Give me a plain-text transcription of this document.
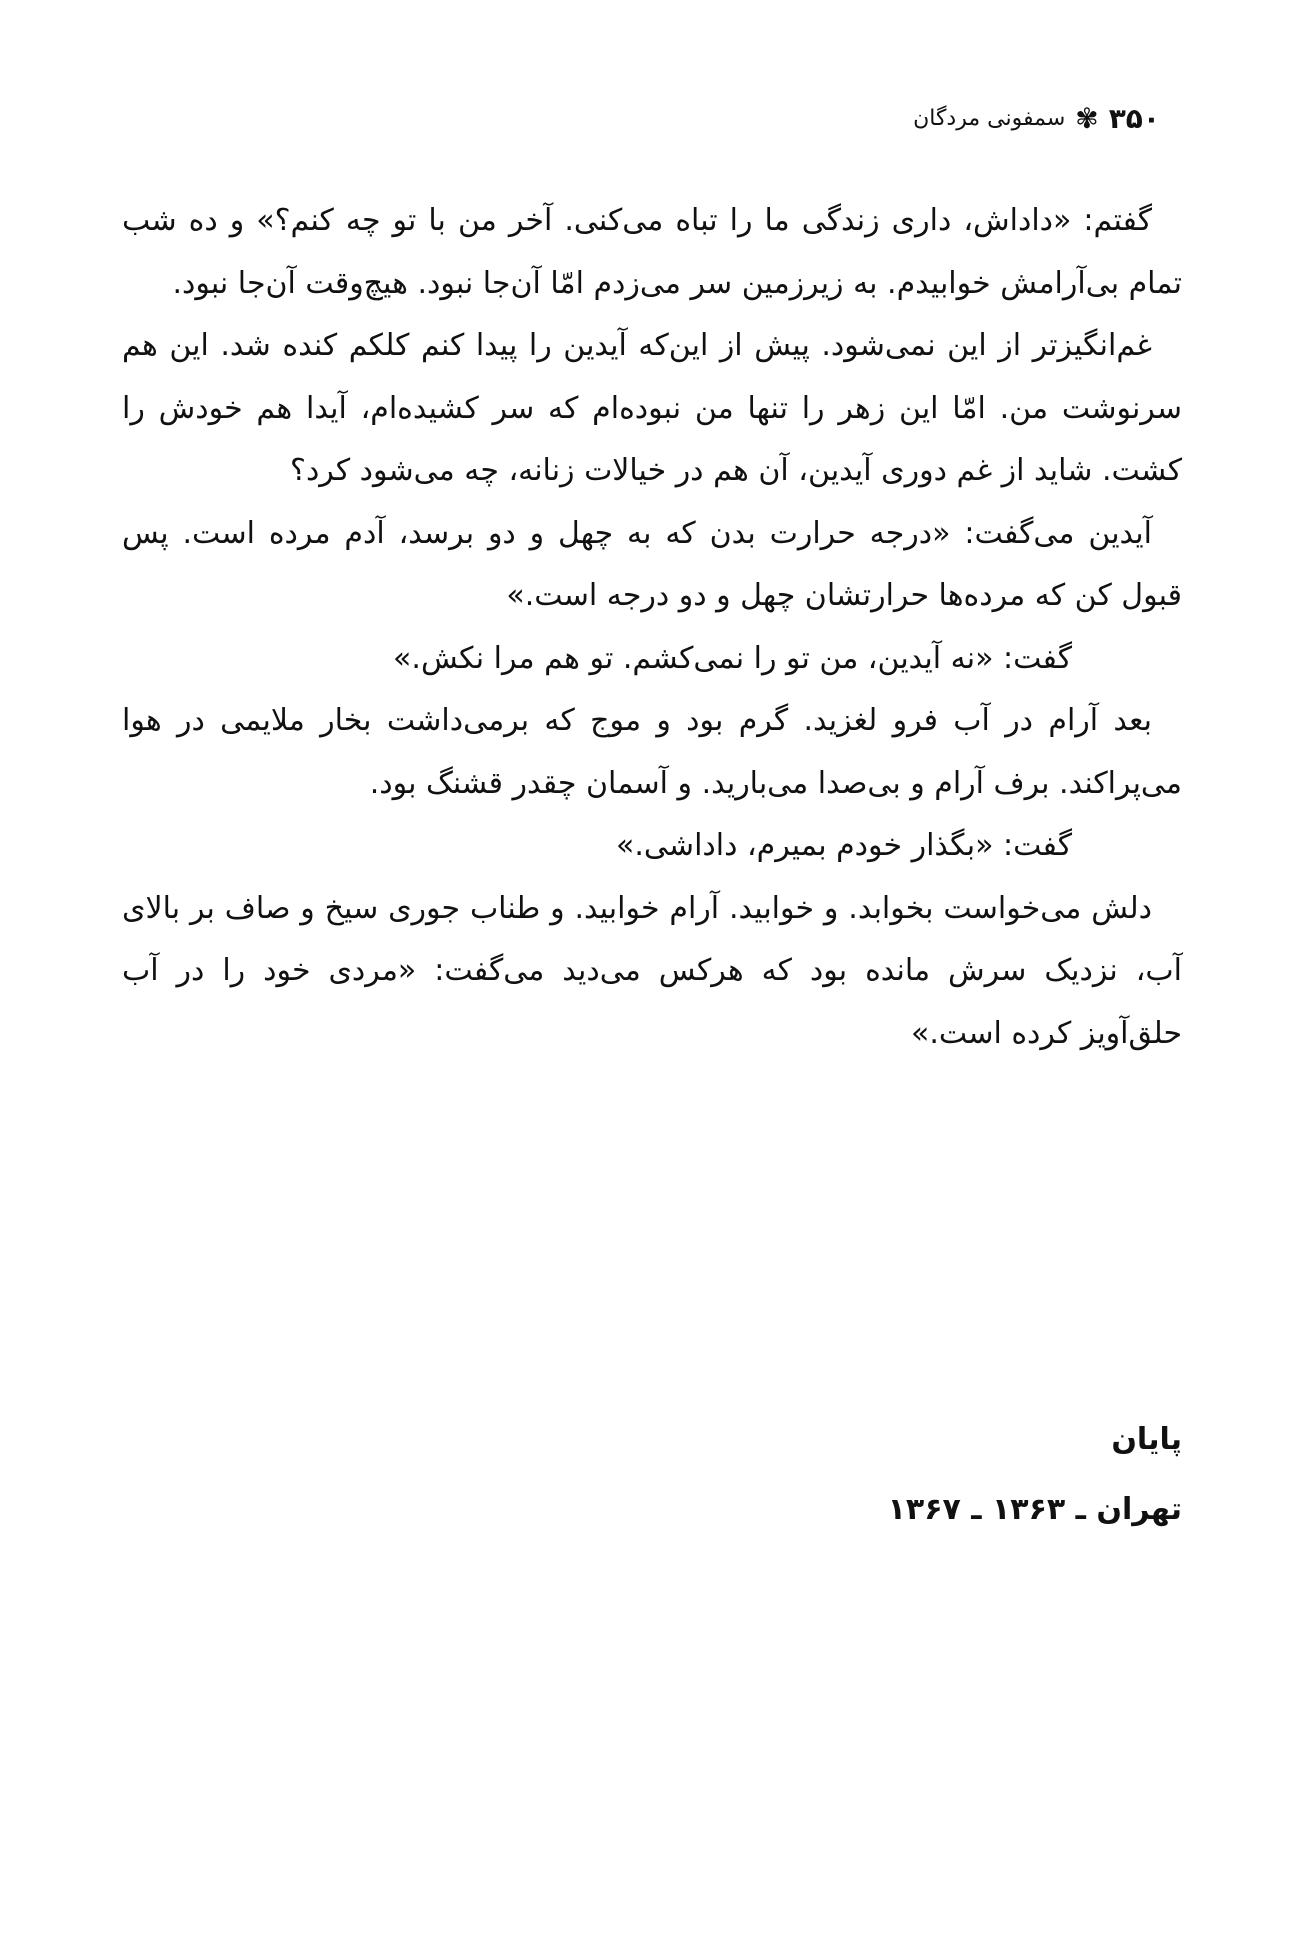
۳۵۰
✾
سمفونی مردگان

گفتم: «داداش، داری زندگی ما را تباه می‌کنی. آخر من با تو چه کنم؟» و ده شب تمام بی‌آرامش خوابیدم. به زیرزمین سر می‌زدم امّا آن‌جا نبود. هیچ‌وقت آن‌جا نبود.

غم‌انگیزتر از این نمی‌شود. پیش از این‌که آیدین را پیدا کنم کلکم کنده شد. این هم سرنوشت من. امّا این زهر را تنها من نبوده‌ام که سر کشیده‌ام، آیدا هم خودش را کشت. شاید از غم دوری آیدین، آن هم در خیالات زنانه، چه می‌شود کرد؟

آیدین می‌گفت: «درجه حرارت بدن که به چهل و دو برسد، آدم مرده است. پس قبول کن که مرده‌ها حرارتشان چهل و دو درجه است.»

گفت: «نه آیدین، من تو را نمی‌کشم. تو هم مرا نکش.»

بعد آرام در آب فرو لغزید. گرم بود و موج که برمی‌داشت بخار ملایمی در هوا می‌پراکند. برف آرام و بی‌صدا می‌بارید. و آسمان چقدر قشنگ بود.

گفت: «بگذار خودم بمیرم، داداشی.»

دلش می‌خواست بخوابد. و خوابید. آرام خوابید. و طناب جوری سیخ و صاف بر بالای آب، نزدیک سرش مانده بود که هرکس می‌دید می‌گفت: «مردی خود را در آب حلق‌آویز کرده است.»

پایان
تهران ـ ۱۳۶۳ ـ ۱۳۶۷
